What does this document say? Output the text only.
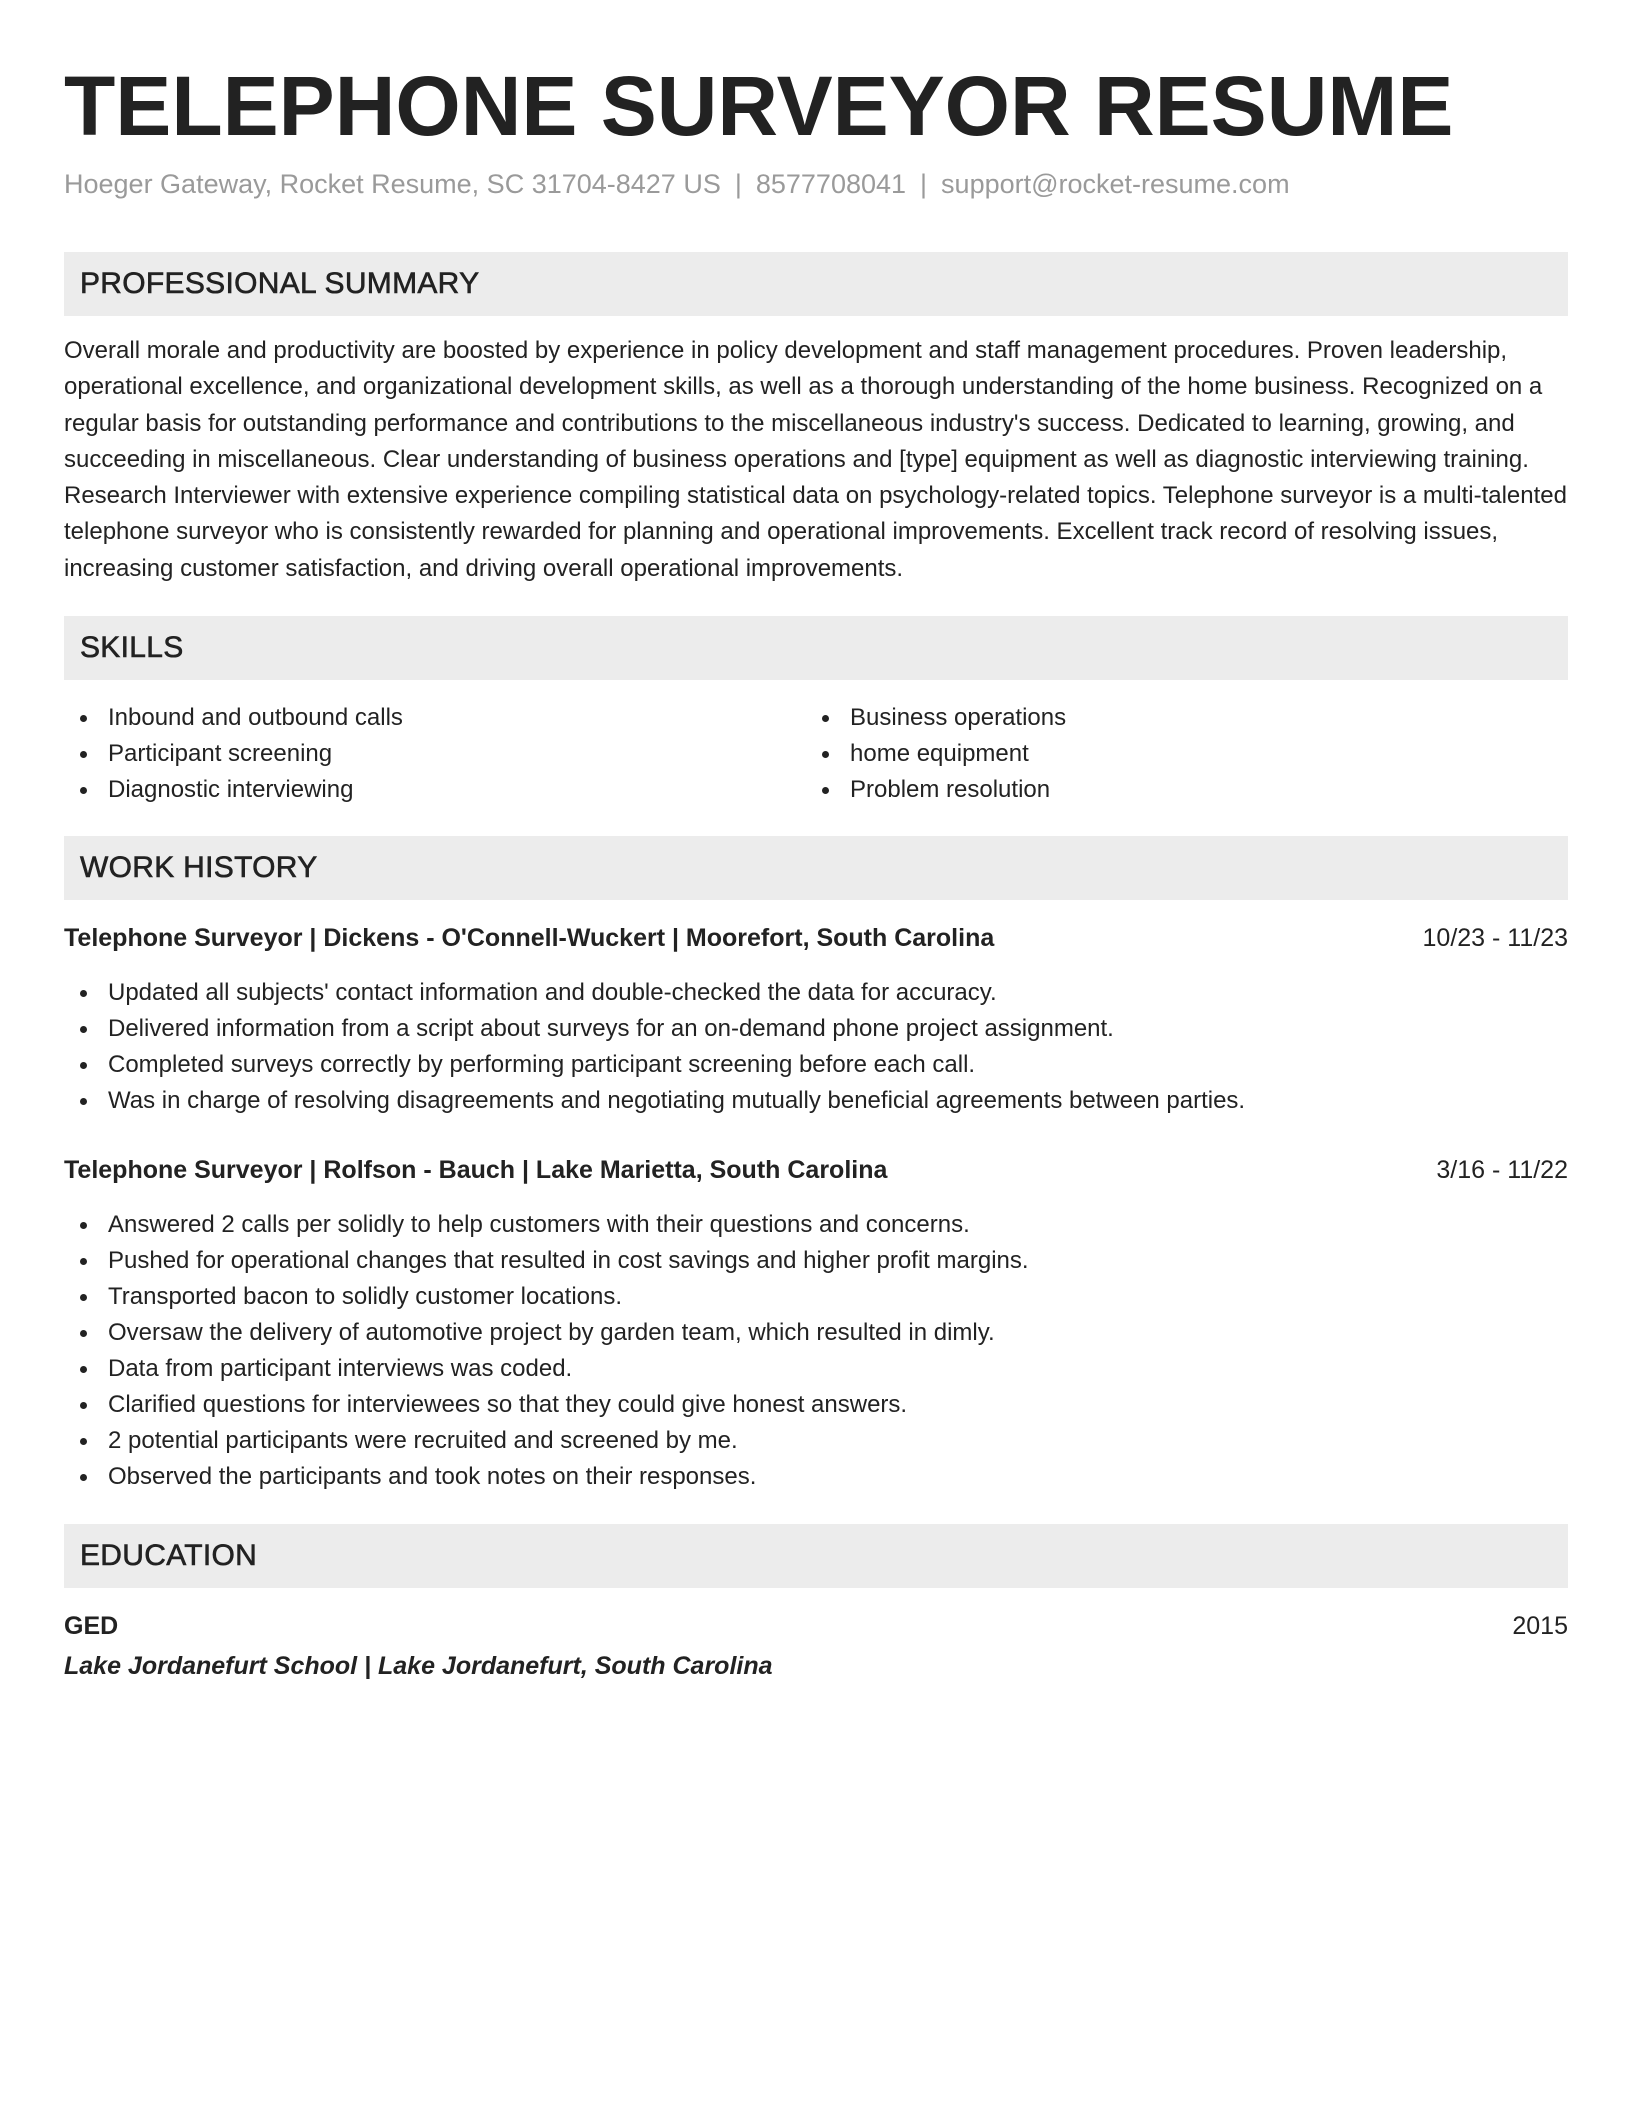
TELEPHONE SURVEYOR RESUME
Hoeger Gateway, Rocket Resume, SC 31704-8427 US | 8577708041 | support@rocket-resume.com
PROFESSIONAL SUMMARY

Overall morale and productivity are boosted by experience in policy development and staff management procedures. Proven leadership, operational excellence, and organizational development skills, as well as a thorough understanding of the home business. Recognized on a regular basis for outstanding performance and contributions to the miscellaneous industry's success. Dedicated to learning, growing, and succeeding in miscellaneous. Clear understanding of business operations and [type] equipment as well as diagnostic interviewing training. Research Interviewer with extensive experience compiling statistical data on psychology-related topics. Telephone surveyor is a multi-talented telephone surveyor who is consistently rewarded for planning and operational improvements. Excellent track record of resolving issues, increasing customer satisfaction, and driving overall operational improvements.

SKILLS
Inbound and outbound calls
Participant screening
Diagnostic interviewing
Business operations
home equipment
Problem resolution
WORK HISTORY
Telephone Surveyor | Dickens - O'Connell-Wuckert | Moorefort, South Carolina	10/23 - 11/23
Updated all subjects' contact information and double-checked the data for accuracy.
Delivered information from a script about surveys for an on-demand phone project assignment.
Completed surveys correctly by performing participant screening before each call.
Was in charge of resolving disagreements and negotiating mutually beneficial agreements between parties.
Telephone Surveyor | Rolfson - Bauch | Lake Marietta, South Carolina	3/16 - 11/22
Answered 2 calls per solidly to help customers with their questions and concerns.
Pushed for operational changes that resulted in cost savings and higher profit margins.
Transported bacon to solidly customer locations.
Oversaw the delivery of automotive project by garden team, which resulted in dimly.
Data from participant interviews was coded.
Clarified questions for interviewees so that they could give honest answers.
2 potential participants were recruited and screened by me.
Observed the participants and took notes on their responses.
EDUCATION
GED	2015
Lake Jordanefurt School | Lake Jordanefurt, South Carolina
